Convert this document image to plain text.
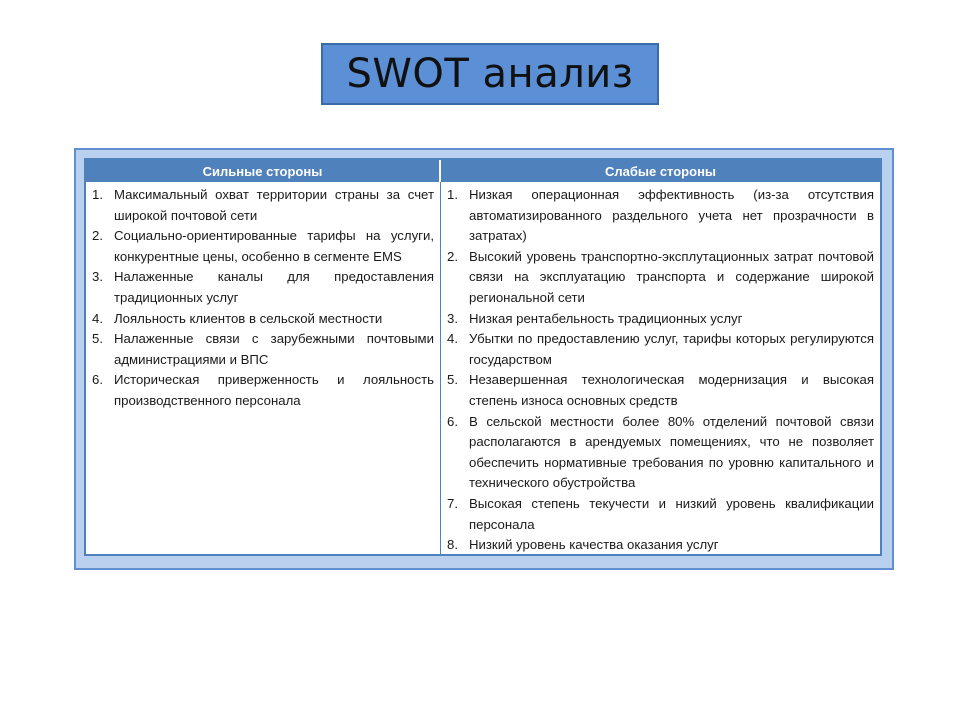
SWOT анализ
Сильные стороны	Слабые стороны
1. Максимальный охват территории страны за счет широкой почтовой сети
2. Социально-ориентированные тарифы на услуги, конкурентные цены, особенно в сегменте EMS
3. Налаженные каналы для предоставления традиционных услуг
4. Лояльность клиентов в сельской местности
5. Налаженные связи с зарубежными почтовыми администрациями и ВПС
6. Историческая приверженность и лояльность производственного персонала
1. Низкая операционная эффективность (из-за отсутствия автоматизированного раздельного учета нет прозрачности в затратах)
2. Высокий уровень транспортно-эксплутационных затрат почтовой связи на эксплуатацию транспорта и содержание широкой региональной сети
3. Низкая рентабельность традиционных услуг
4. Убытки по предоставлению услуг, тарифы которых регулируются государством
5. Незавершенная технологическая модернизация и высокая степень износа основных средств
6. В сельской местности более 80% отделений почтовой связи располагаются в арендуемых помещениях, что не позволяет обеспечить нормативные требования по уровню капитального и технического обустройства
7. Высокая степень текучести и низкий уровень квалификации персонала
8. Низкий уровень качества оказания услуг
